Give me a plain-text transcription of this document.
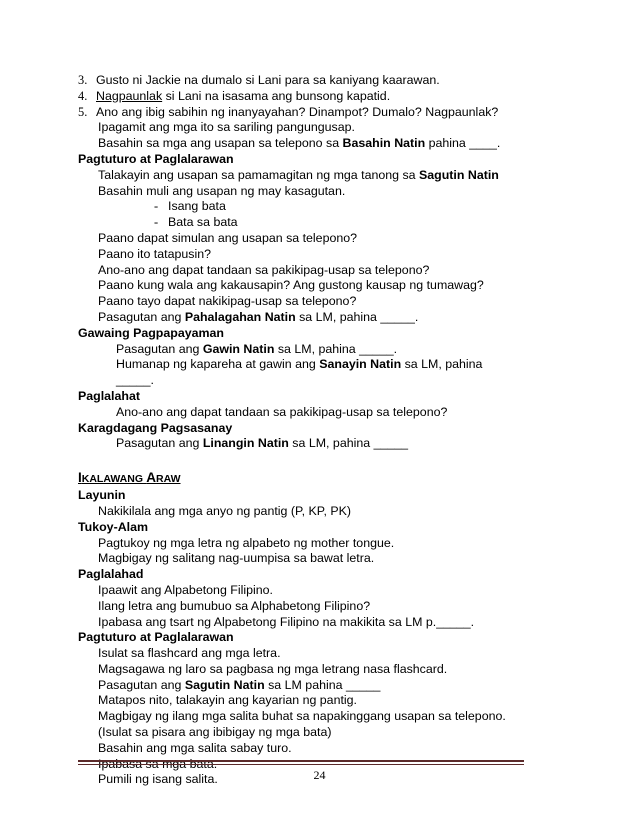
3. Gusto ni Jackie na dumalo si Lani para sa kaniyang kaarawan.
4. Nagpaunlak si Lani na isasama ang bunsong kapatid.
5. Ano ang ibig sabihin ng inanyayahan? Dinampot? Dumalo? Nagpaunlak?
Ipagamit ang mga ito sa sariling pangungusap.
Basahin sa mga ang usapan sa telepono sa Basahin Natin pahina ____.
Pagtuturo at Paglalarawan
Talakayin ang usapan sa pamamagitan ng mga tanong sa Sagutin Natin
Basahin muli ang usapan ng may kasagutan.
- Isang bata
- Bata sa bata
Paano dapat simulan ang usapan sa telepono?
Paano ito tatapusin?
Ano-ano ang dapat tandaan sa pakikipag-usap sa telepono?
Paano kung wala ang kakausapin? Ang gustong kausap ng tumawag?
Paano tayo dapat nakikipag-usap sa telepono?
Pasagutan ang Pahalagahan Natin sa LM, pahina _____.
Gawaing Pagpapayaman
Pasagutan ang Gawin Natin sa LM, pahina _____.
Humanap ng kapareha at gawin ang Sanayin Natin sa LM, pahina
_____.
Paglalahat
Ano-ano ang dapat tandaan sa pakikipag-usap sa telepono?
Karagdagang Pagsasanay
Pasagutan ang Linangin Natin sa LM, pahina _____
IKALAWANG ARAW
Layunin
Nakikilala ang mga anyo ng pantig (P, KP, PK)
Tukoy-Alam
Pagtukoy ng mga letra ng alpabeto ng mother tongue.
Magbigay ng salitang nag-uumpisa sa bawat letra.
Paglalahad
Ipaawit ang Alpabetong Filipino.
Ilang letra ang bumubuo sa Alphabetong Filipino?
Ipabasa ang tsart ng Alpabetong Filipino na makikita sa LM p._____.
Pagtuturo at Paglalarawan
Isulat sa flashcard ang mga letra.
Magsagawa ng laro sa pagbasa ng mga letrang nasa flashcard.
Pasagutan ang Sagutin Natin sa LM pahina _____
Matapos nito, talakayin ang kayarian ng pantig.
Magbigay ng ilang mga salita buhat sa napakinggang usapan sa telepono.
(Isulat sa pisara ang ibibigay ng mga bata)
Basahin ang mga salita sabay turo.
Pumili ng isang salita.	24
